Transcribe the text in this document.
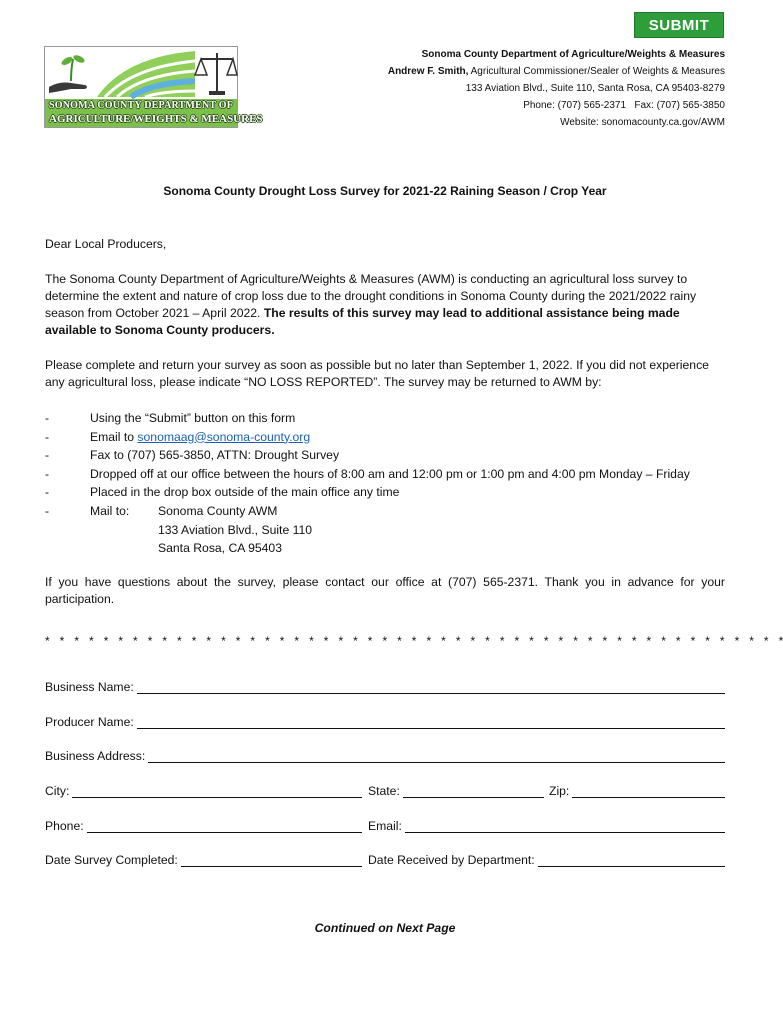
SUBMIT
SONOMA COUNTY DEPARTMENT OF
AGRICULTURE/WEIGHTS & MEASURES
Sonoma County Department of Agriculture/Weights & Measures
Andrew F. Smith, Agricultural Commissioner/Sealer of Weights & Measures
133 Aviation Blvd., Suite 110, Santa Rosa, CA 95403-8279
Phone: (707) 565-2371   Fax: (707) 565-3850
Website: sonomacounty.ca.gov/AWM
Sonoma County Drought Loss Survey for 2021-22 Raining Season / Crop Year
Dear Local Producers,
The Sonoma County Department of Agriculture/Weights & Measures (AWM) is conducting an agricultural loss survey to determine the extent and nature of crop loss due to the drought conditions in Sonoma County during the 2021/2022 rainy season from October 2021 – April 2022. The results of this survey may lead to additional assistance being made available to Sonoma County producers.
Please complete and return your survey as soon as possible but no later than September 1, 2022. If you did not experience any agricultural loss, please indicate “NO LOSS REPORTED”. The survey may be returned to AWM by:
-	Using the “Submit” button on this form
-	Email to sonomaag@sonoma-county.org
-	Fax to (707) 565-3850, ATTN: Drought Survey
-	Dropped off at our office between the hours of 8:00 am and 12:00 pm or 1:00 pm and 4:00 pm Monday – Friday
-	Placed in the drop box outside of the main office any time
-	Mail to:	Sonoma County AWM
133 Aviation Blvd., Suite 110
Santa Rosa, CA 95403
If you have questions about the survey, please contact our office at (707) 565-2371. Thank you in advance for your participation.
*   *   *   *   *   *   *   *   *   *   *   *   *   *   *   *   *   *   *   *   *   *   *   *   *   *   *   *   *   *   *   *   *   *   *   *   *   *   *   *   *   *   *   *   *   *   *   *   *   *   *
Business Name:
Producer Name:
Business Address:
City:	State:	Zip:
Phone:	Email:
Date Survey Completed:	Date Received by Department:
Continued on Next Page
